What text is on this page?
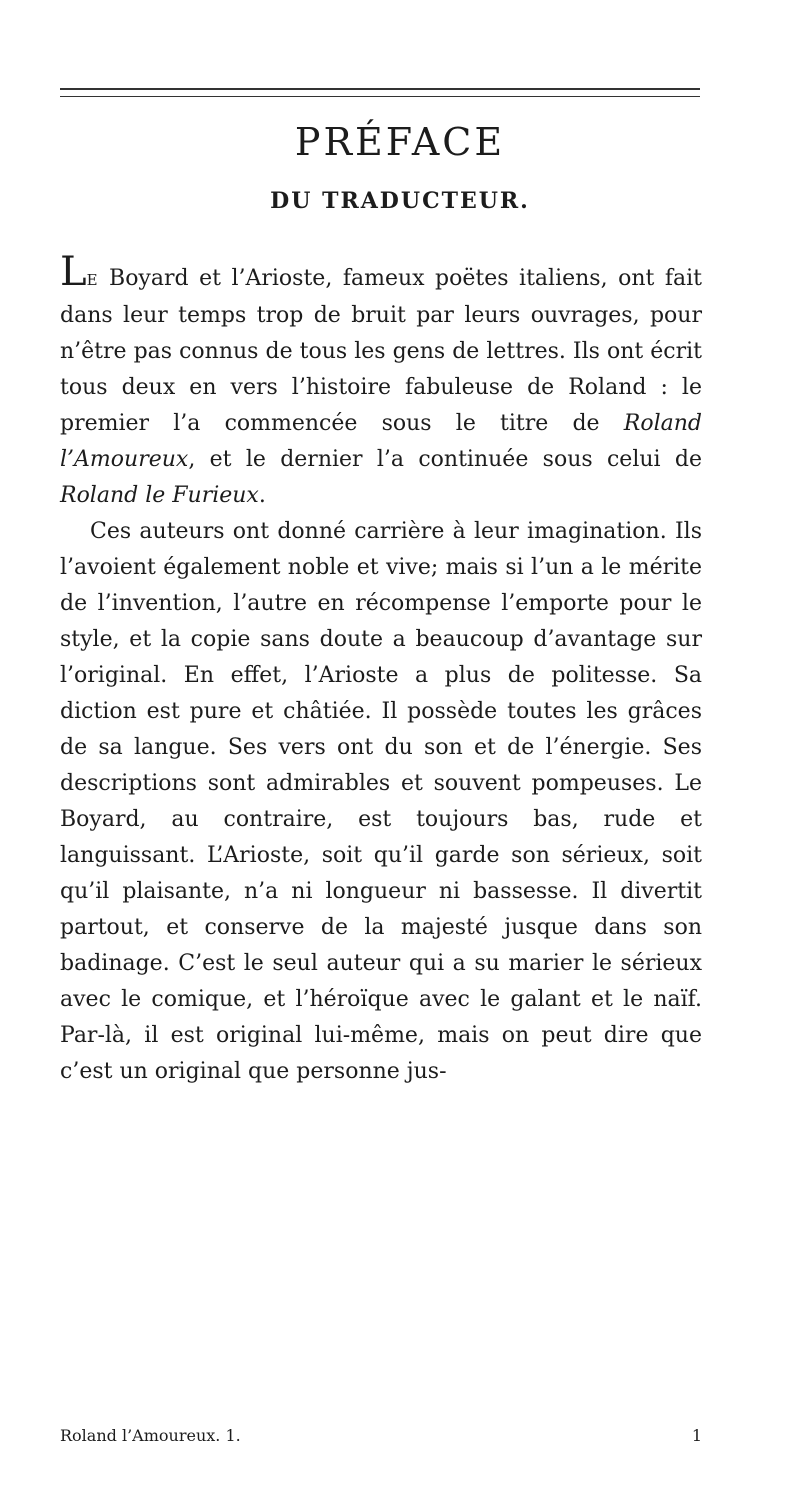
PRÉFACE
DU TRADUCTEUR.

LE Boyard et l’Arioste, fameux poëtes italiens, ont fait dans leur temps trop de bruit par leurs ouvrages, pour n’être pas connus de tous les gens de lettres. Ils ont écrit tous deux en vers l’histoire fabuleuse de Roland : le premier l’a commencée sous le titre de Roland l’Amoureux, et le dernier l’a continuée sous celui de Roland le Furieux.

Ces auteurs ont donné carrière à leur imagination. Ils l’avoient également noble et vive; mais si l’un a le mérite de l’invention, l’autre en récompense l’emporte pour le style, et la copie sans doute a beaucoup d’avantage sur l’original. En effet, l’Arioste a plus de politesse. Sa diction est pure et châtiée. Il possède toutes les grâces de sa langue. Ses vers ont du son et de l’énergie. Ses descriptions sont admirables et souvent pompeuses. Le Boyard, au contraire, est toujours bas, rude et languissant. L’Arioste, soit qu’il garde son sérieux, soit qu’il plaisante, n’a ni longueur ni bassesse. Il divertit partout, et conserve de la majesté jusque dans son badinage. C’est le seul auteur qui a su marier le sérieux avec le comique, et l’héroïque avec le galant et le naïf. Par-là, il est original lui-même, mais on peut dire que c’est un original que personne jus-

Roland l’Amoureux. 1.	1
